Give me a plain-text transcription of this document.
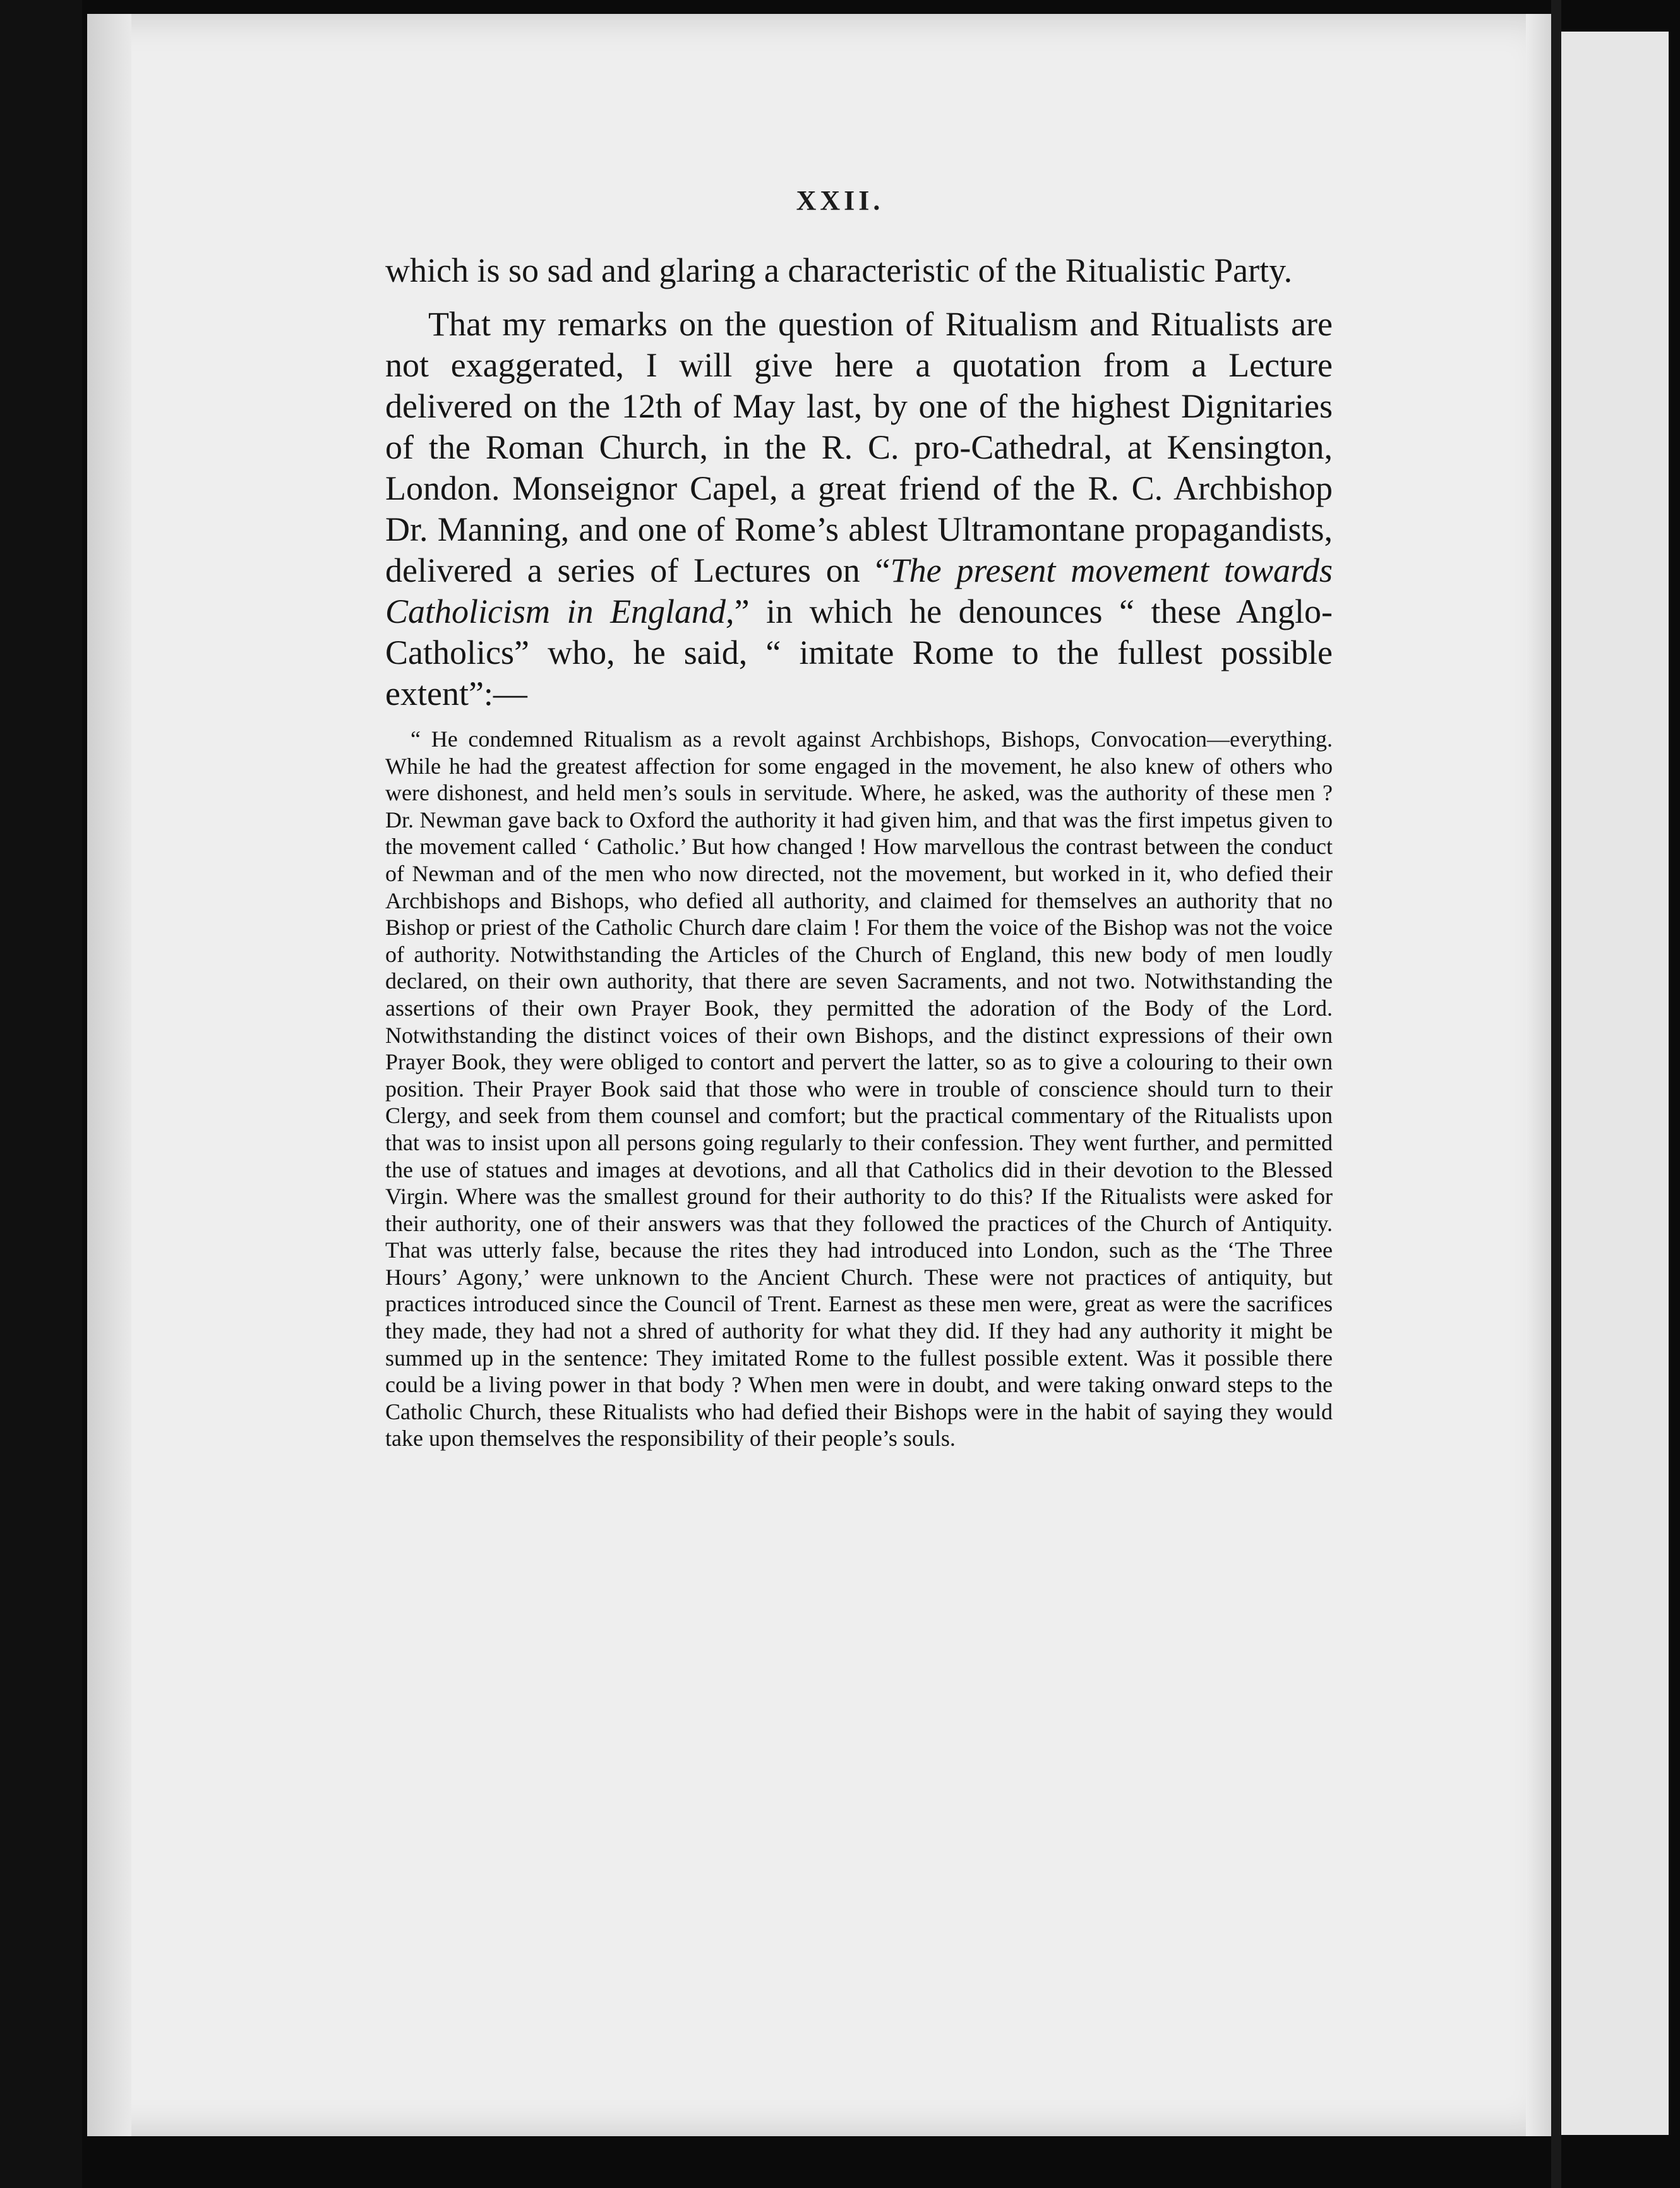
XXII.

which is so sad and glaring a characteristic of the Ritualistic Party.

That my remarks on the question of Ritualism and Ritualists are not exaggerated, I will give here a quotation from a Lecture delivered on the 12th of May last, by one of the highest Dignitaries of the Roman Church, in the R. C. pro-Cathedral, at Kensington, London. Monseignor Capel, a great friend of the R. C. Archbishop Dr. Manning, and one of Rome’s ablest Ultramontane propagandists, delivered a series of Lectures on “The present movement towards Catholicism in England,” in which he denounces “ these Anglo-Catholics” who, he said, “ imitate Rome to the fullest possible extent”:—

“ He condemned Ritualism as a revolt against Archbishops, Bishops, Convocation—everything. While he had the greatest affection for some engaged in the movement, he also knew of others who were dishonest, and held men’s souls in servitude. Where, he asked, was the authority of these men ? Dr. Newman gave back to Oxford the authority it had given him, and that was the first impetus given to the movement called ‘ Catholic.’ But how changed ! How marvellous the contrast between the conduct of Newman and of the men who now directed, not the movement, but worked in it, who defied their Archbishops and Bishops, who defied all authority, and claimed for themselves an authority that no Bishop or priest of the Catholic Church dare claim ! For them the voice of the Bishop was not the voice of authority. Notwithstanding the Articles of the Church of England, this new body of men loudly declared, on their own authority, that there are seven Sacraments, and not two. Notwithstanding the assertions of their own Prayer Book, they permitted the adoration of the Body of the Lord. Notwithstanding the distinct voices of their own Bishops, and the distinct expressions of their own Prayer Book, they were obliged to contort and pervert the latter, so as to give a colouring to their own position. Their Prayer Book said that those who were in trouble of conscience should turn to their Clergy, and seek from them counsel and comfort; but the practical commentary of the Ritualists upon that was to insist upon all persons going regularly to their confession. They went further, and permitted the use of statues and images at devotions, and all that Catholics did in their devotion to the Blessed Virgin. Where was the smallest ground for their authority to do this? If the Ritualists were asked for their authority, one of their answers was that they followed the practices of the Church of Antiquity. That was utterly false, because the rites they had introduced into London, such as the ‘The Three Hours’ Agony,’ were unknown to the Ancient Church. These were not practices of antiquity, but practices introduced since the Council of Trent. Earnest as these men were, great as were the sacrifices they made, they had not a shred of authority for what they did. If they had any authority it might be summed up in the sentence: They imitated Rome to the fullest possible extent. Was it possible there could be a living power in that body ? When men were in doubt, and were taking onward steps to the Catholic Church, these Ritualists who had defied their Bishops were in the habit of saying they would take upon themselves the responsibility of their people’s souls.
